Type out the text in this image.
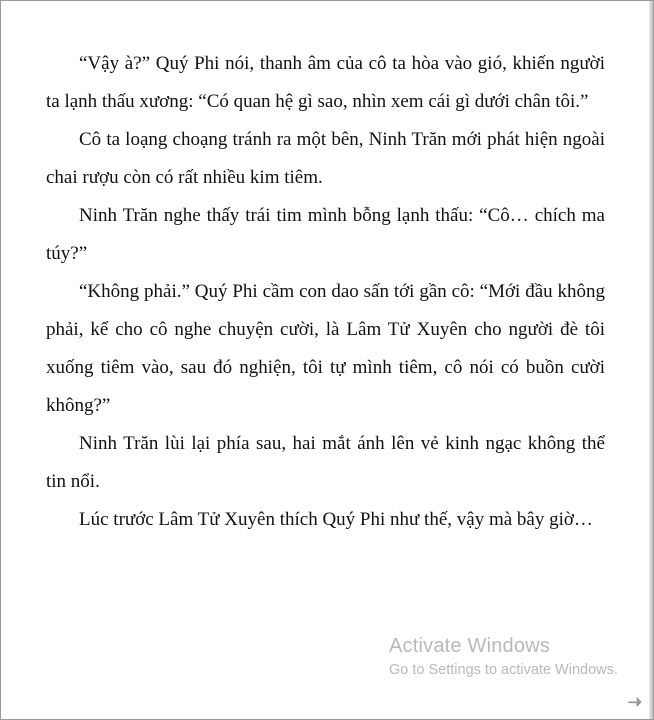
“Vậy à?” Quý Phi nói, thanh âm của cô ta hòa vào gió, khiến người ta lạnh thấu xương: “Có quan hệ gì sao, nhìn xem cái gì dưới chân tôi.”

Cô ta loạng choạng tránh ra một bên, Ninh Trăn mới phát hiện ngoài chai rượu còn có rất nhiều kim tiêm.

Ninh Trăn nghe thấy trái tim mình bỗng lạnh thấu: “Cô… chích ma túy?”

“Không phải.” Quý Phi cầm con dao sấn tới gần cô: “Mới đầu không phải, kể cho cô nghe chuyện cười, là Lâm Tử Xuyên cho người đè tôi xuống tiêm vào, sau đó nghiện, tôi tự mình tiêm, cô nói có buồn cười không?”

Ninh Trăn lùi lại phía sau, hai mắt ánh lên vẻ kinh ngạc không thể tin nổi.

Lúc trước Lâm Tử Xuyên thích Quý Phi như thế, vậy mà bây giờ…

Activate Windows
Go to Settings to activate Windows.
